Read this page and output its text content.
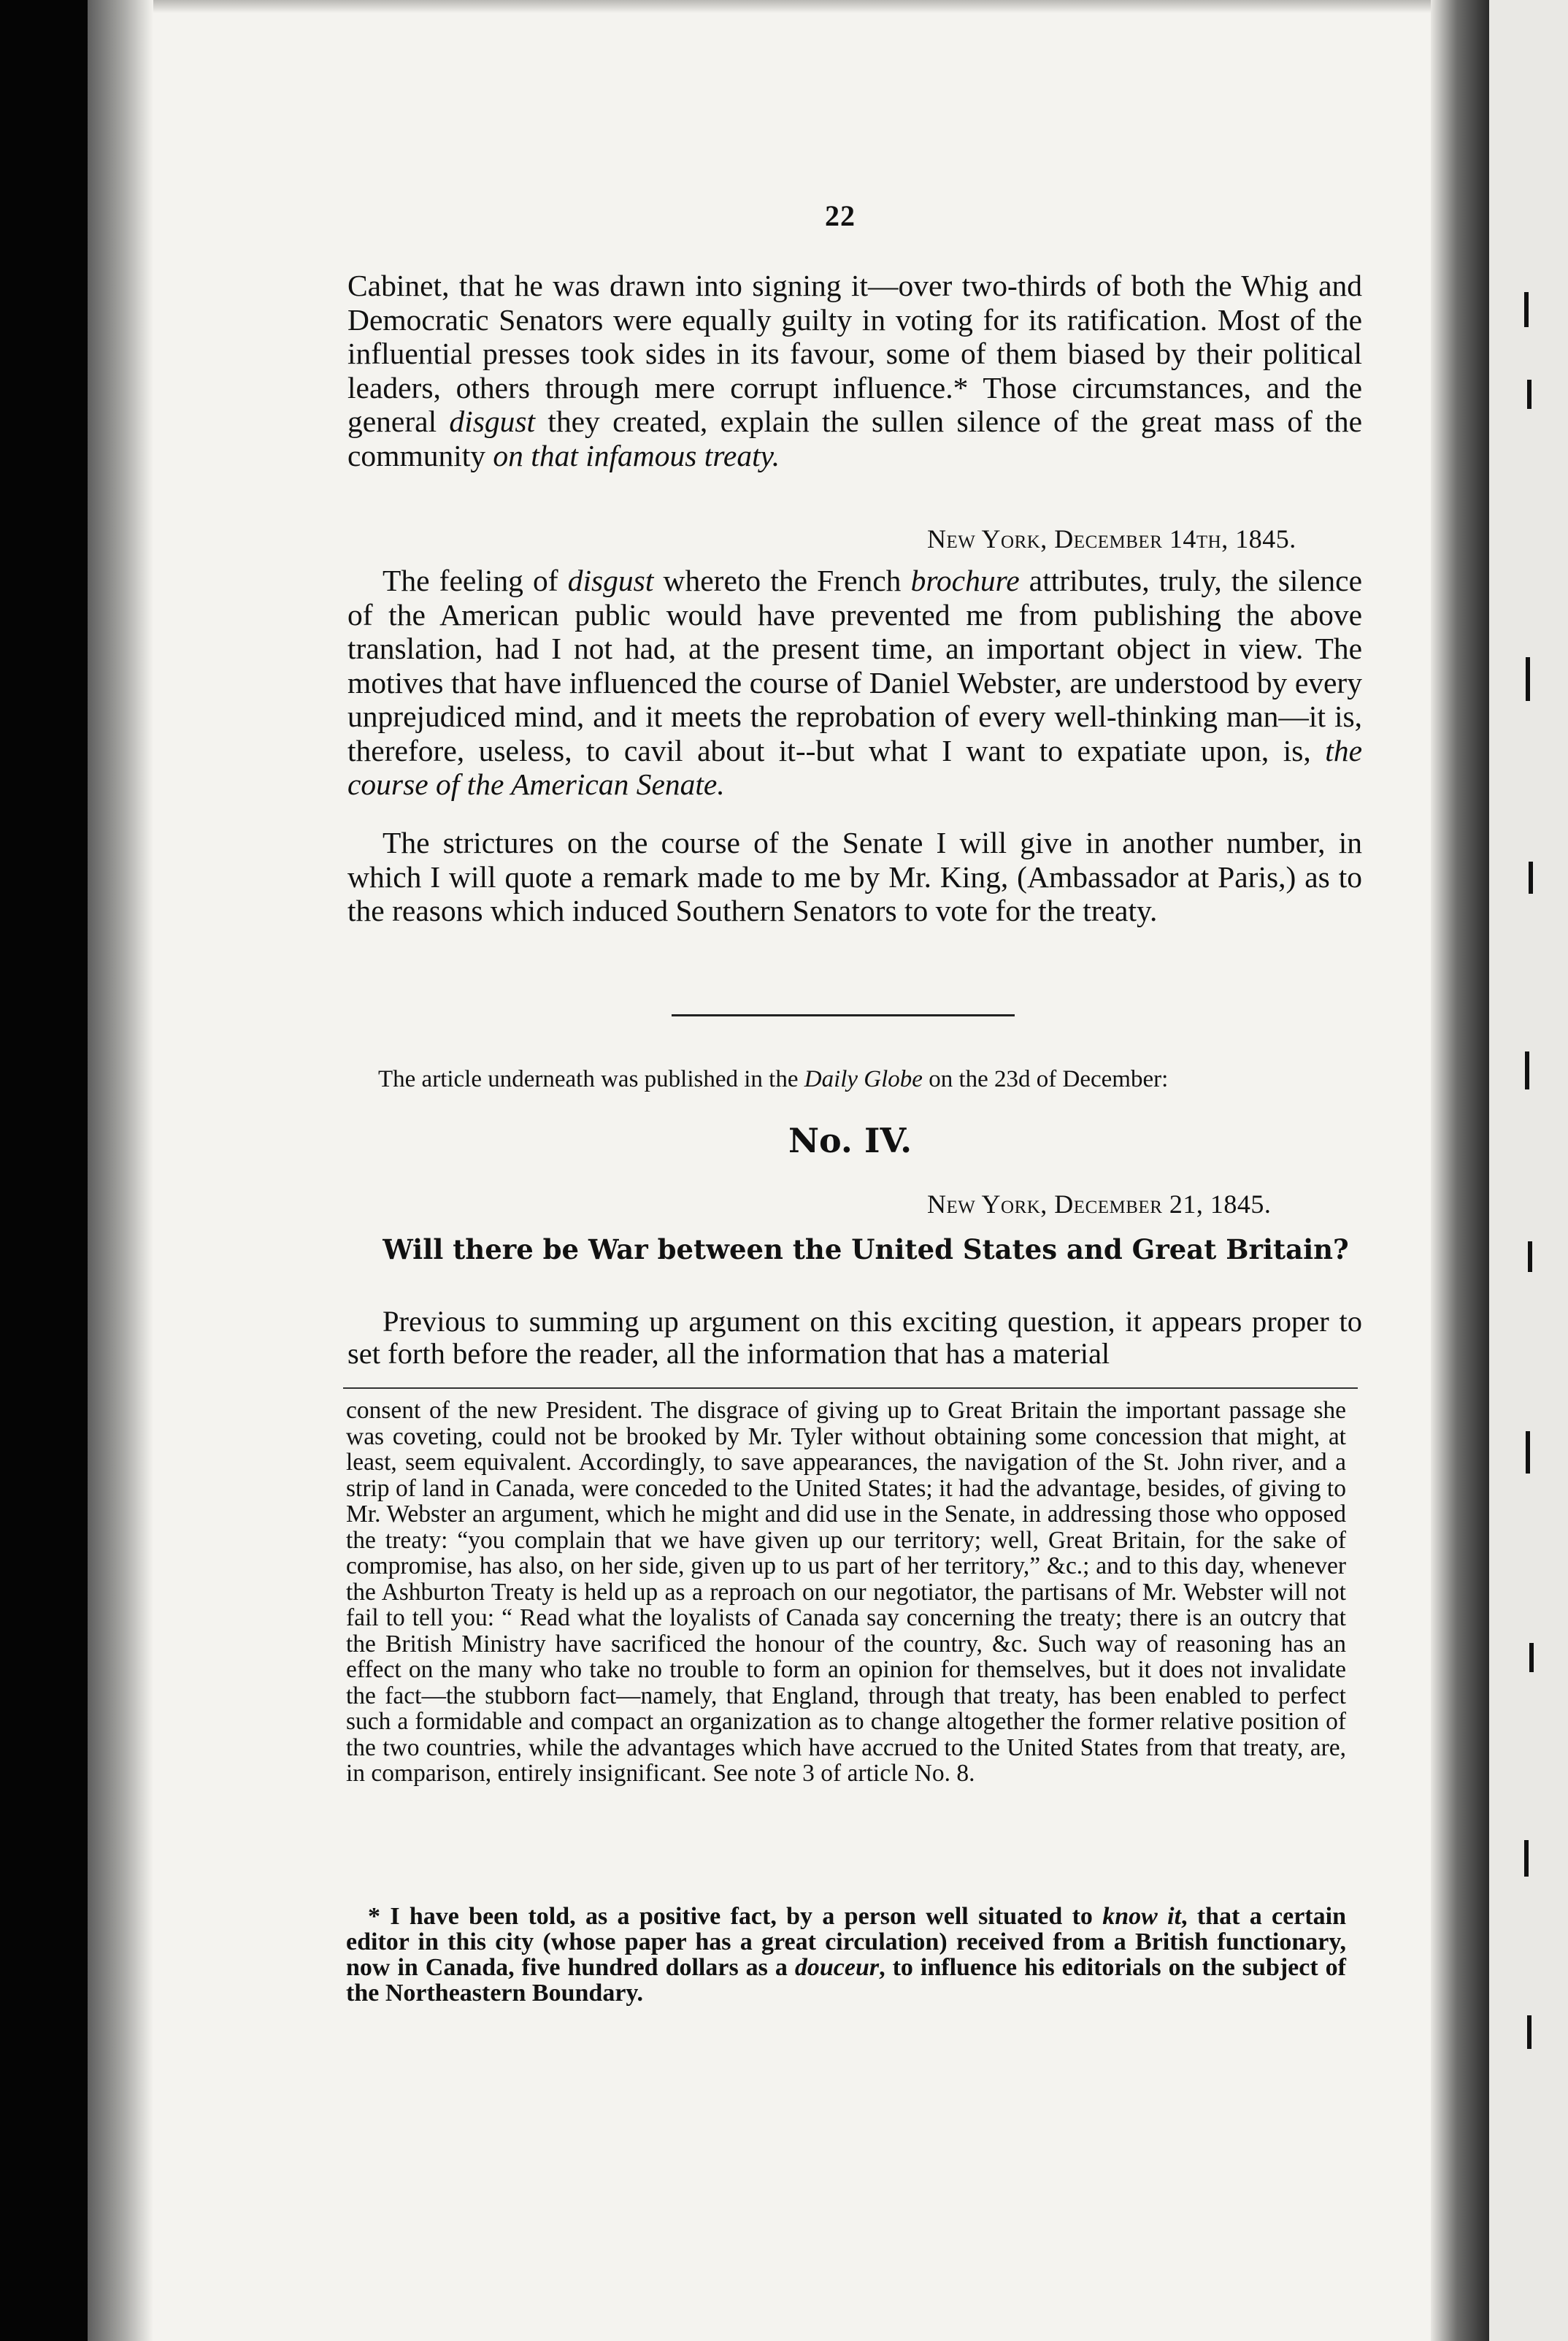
22

Cabinet, that he was drawn into signing it—over two-thirds of both the Whig and Democratic Senators were equally guilty in voting for its ratification. Most of the influential presses took sides in its favour, some of them biased by their political leaders, others through mere corrupt influence.* Those circumstances, and the general disgust they created, explain the sullen silence of the great mass of the community on that infamous treaty.

New York, December 14th, 1845.

The feeling of disgust whereto the French brochure attributes, truly, the silence of the American public would have prevented me from publishing the above translation, had I not had, at the present time, an important object in view. The motives that have influenced the course of Daniel Webster, are understood by every unprejudiced mind, and it meets the reprobation of every well-thinking man—it is, therefore, useless, to cavil about it--but what I want to expatiate upon, is, the course of the American Senate.

The strictures on the course of the Senate I will give in another number, in which I will quote a remark made to me by Mr. King, (Ambassador at Paris,) as to the reasons which induced Southern Senators to vote for the treaty.

The article underneath was published in the Daily Globe on the 23d of December:
No. IV.
New York, December 21, 1845.
Will there be War between the United States and Great Britain?

Previous to summing up argument on this exciting question, it appears proper to set forth before the reader, all the information that has a material

consent of the new President. The disgrace of giving up to Great Britain the important passage she was coveting, could not be brooked by Mr. Tyler without obtaining some concession that might, at least, seem equivalent. Accordingly, to save appearances, the navigation of the St. John river, and a strip of land in Canada, were conceded to the United States; it had the advantage, besides, of giving to Mr. Webster an argument, which he might and did use in the Senate, in addressing those who opposed the treaty: “you complain that we have given up our territory; well, Great Britain, for the sake of compromise, has also, on her side, given up to us part of her territory,” &c.; and to this day, whenever the Ashburton Treaty is held up as a reproach on our negotiator, the partisans of Mr. Webster will not fail to tell you: “ Read what the loyalists of Canada say concerning the treaty; there is an outcry that the British Ministry have sacrificed the honour of the country, &c. Such way of reasoning has an effect on the many who take no trouble to form an opinion for themselves, but it does not invalidate the fact—the stubborn fact—namely, that England, through that treaty, has been enabled to perfect such a formidable and compact an organization as to change altogether the former relative position of the two countries, while the advantages which have accrued to the United States from that treaty, are, in comparison, entirely insignificant. See note 3 of article No. 8.

* I have been told, as a positive fact, by a person well situated to know it, that a certain editor in this city (whose paper has a great circulation) received from a British functionary, now in Canada, five hundred dollars as a douceur, to influence his editorials on the subject of the Northeastern Boundary.
